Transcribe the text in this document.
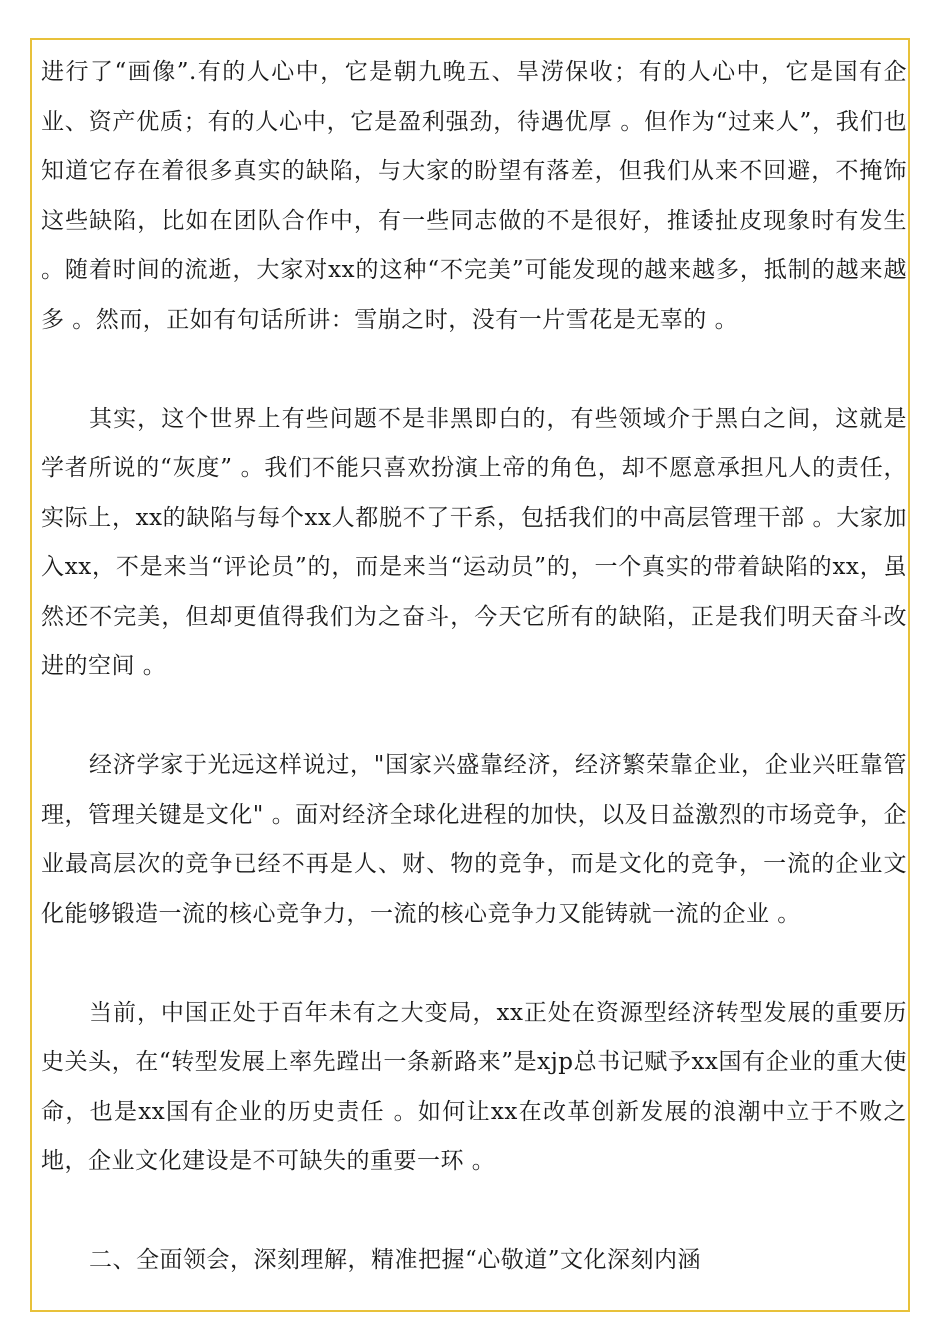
进行了“画像”.有的人心中，它是朝九晚五、旱涝保收；有的人心中，它是国有企业、资产优质；有的人心中，它是盈利强劲，待遇优厚 。但作为“过来人”，我们也知道它存在着很多真实的缺陷，与大家的盼望有落差，但我们从来不回避，不掩饰这些缺陷，比如在团队合作中，有一些同志做的不是很好，推诿扯皮现象时有发生 。随着时间的流逝，大家对xx的这种“不完美”可能发现的越来越多，抵制的越来越多 。然而，正如有句话所讲：雪崩之时，没有一片雪花是无辜的 。

其实，这个世界上有些问题不是非黑即白的，有些领域介于黑白之间，这就是学者所说的“灰度” 。我们不能只喜欢扮演上帝的角色，却不愿意承担凡人的责任，实际上，xx的缺陷与每个xx人都脱不了干系，包括我们的中高层管理干部 。大家加入xx，不是来当“评论员”的，而是来当“运动员”的，一个真实的带着缺陷的xx，虽然还不完美，但却更值得我们为之奋斗，今天它所有的缺陷，正是我们明天奋斗改进的空间 。

经济学家于光远这样说过，"国家兴盛靠经济，经济繁荣靠企业，企业兴旺靠管理，管理关键是文化" 。面对经济全球化进程的加快，以及日益激烈的市场竞争，企业最高层次的竞争已经不再是人、财、物的竞争，而是文化的竞争，一流的企业文化能够锻造一流的核心竞争力，一流的核心竞争力又能铸就一流的企业 。

当前，中国正处于百年未有之大变局，xx正处在资源型经济转型发展的重要历史关头，在“转型发展上率先蹚出一条新路来”是xjp总书记赋予xx国有企业的重大使命，也是xx国有企业的历史责任 。如何让xx在改革创新发展的浪潮中立于不败之地，企业文化建设是不可缺失的重要一环 。

二、全面领会，深刻理解，精准把握“心敬道”文化深刻内涵
